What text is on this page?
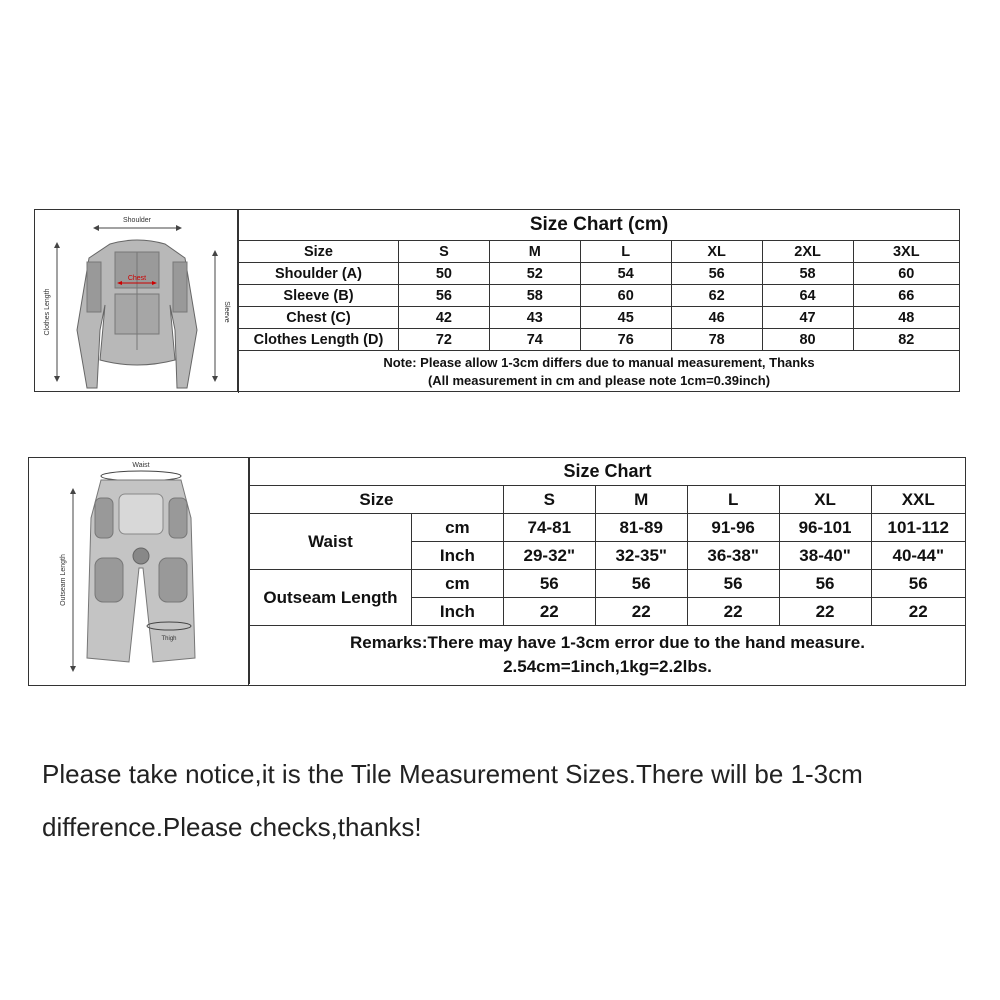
Shoulder
Chest
Clothes Length	Sleeve
Size Chart (cm)						
Size	S	M	L	XL	2XL	3XL
Shoulder (A)	50	52	54	56	58	60
Sleeve (B)	56	58	60	62	64	66
Chest (C)	42	43	45	46	47	48
Clothes Length (D)	72	74	76	78	80	82

Note: Please allow 1-3cm differs due to manual measurement, Thanks
(All measurement in cm and please note 1cm=0.39inch)						
Waist
Thigh
Outseam Length
Size Chart						
Size		S	M	L	XL	XXL
Waist	cm	74-81	81-89	91-96	96-101	101-112
	Inch	29-32"	32-35"	36-38"	38-40"	40-44"
Outseam Length	cm	56	56	56	56	56
	Inch	22	22	22	22	22

Remarks:There may have 1-3cm error due to the hand measure.
2.54cm=1inch,1kg=2.2lbs.						
Please take notice,it is the Tile Measurement Sizes.There will be 1-3cm
difference.Please checks,thanks!
